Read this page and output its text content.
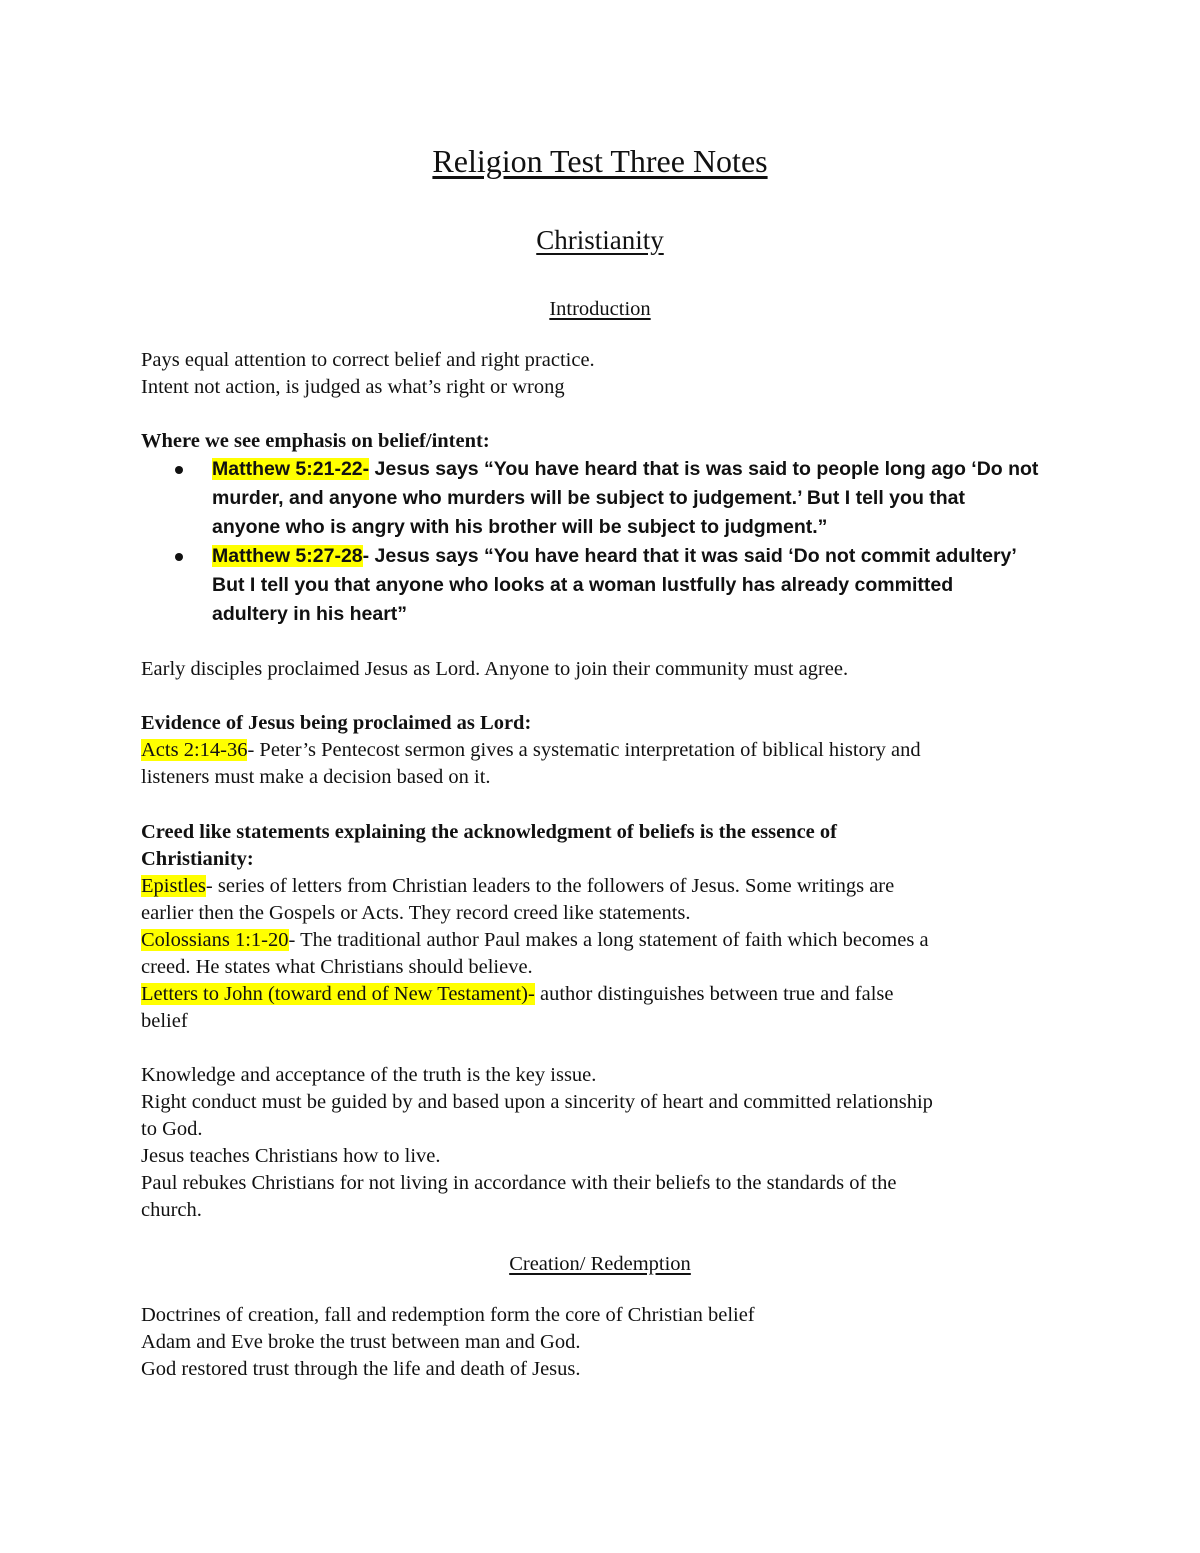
Religion Test Three Notes
Christianity
Introduction
Pays equal attention to correct belief and right practice.
Intent not action, is judged as what’s right or wrong
Where we see emphasis on belief/intent:
Matthew 5:21-22- Jesus says “You have heard that is was said to people long ago ‘Do not
murder, and anyone who murders will be subject to judgement.’ But I tell you that
anyone who is angry with his brother will be subject to judgment.”
Matthew 5:27-28- Jesus says “You have heard that it was said ‘Do not commit adultery’
But I tell you that anyone who looks at a woman lustfully has already committed
adultery in his heart”
Early disciples proclaimed Jesus as Lord. Anyone to join their community must agree.
Evidence of Jesus being proclaimed as Lord:
Acts 2:14-36- Peter’s Pentecost sermon gives a systematic interpretation of biblical history and
listeners must make a decision based on it.
Creed like statements explaining the acknowledgment of beliefs is the essence of
Christianity:
Epistles- series of letters from Christian leaders to the followers of Jesus. Some writings are
earlier then the Gospels or Acts. They record creed like statements.
Colossians 1:1-20- The traditional author Paul makes a long statement of faith which becomes a
creed. He states what Christians should believe.
Letters to John (toward end of New Testament)- author distinguishes between true and false
belief
Knowledge and acceptance of the truth is the key issue.
Right conduct must be guided by and based upon a sincerity of heart and committed relationship
to God.
Jesus teaches Christians how to live.
Paul rebukes Christians for not living in accordance with their beliefs to the standards of the
church.
Creation/ Redemption
Doctrines of creation, fall and redemption form the core of Christian belief
Adam and Eve broke the trust between man and God.
God restored trust through the life and death of Jesus.
